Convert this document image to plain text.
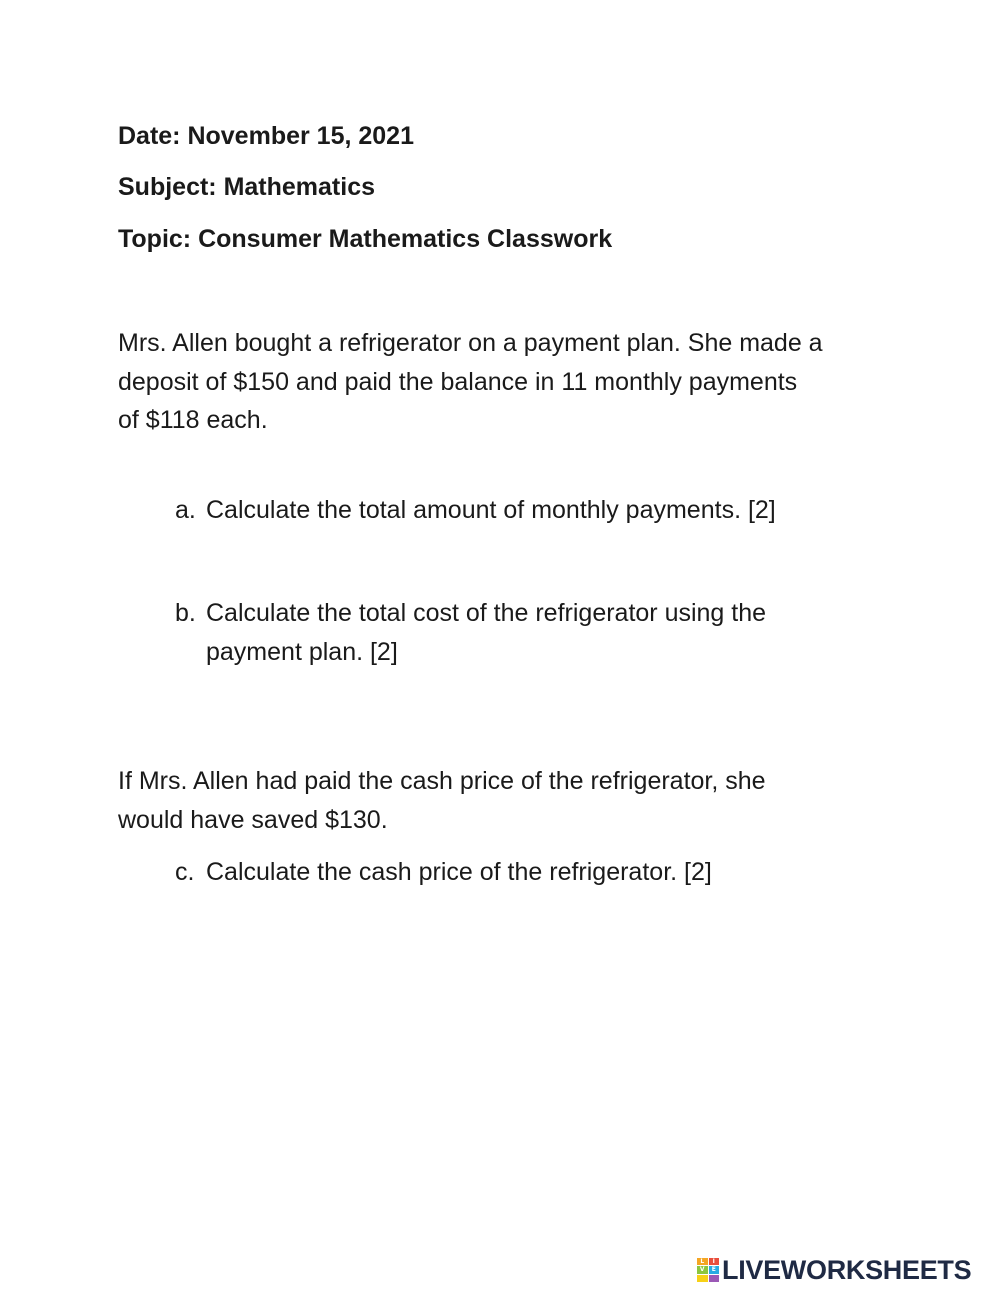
Date: November 15, 2021
Subject: Mathematics
Topic: Consumer Mathematics Classwork
Mrs. Allen bought a refrigerator on a payment plan. She made a
deposit of $150 and paid the balance in 11 monthly payments
of $118 each.
a. Calculate the total amount of monthly payments. [2]
b. Calculate the total cost of the refrigerator using the
payment plan. [2]
If Mrs. Allen had paid the cash price of the refrigerator, she
would have saved $130.
c. Calculate the cash price of the refrigerator. [2]
L	I
V	E LIVEWORKSHEETS
